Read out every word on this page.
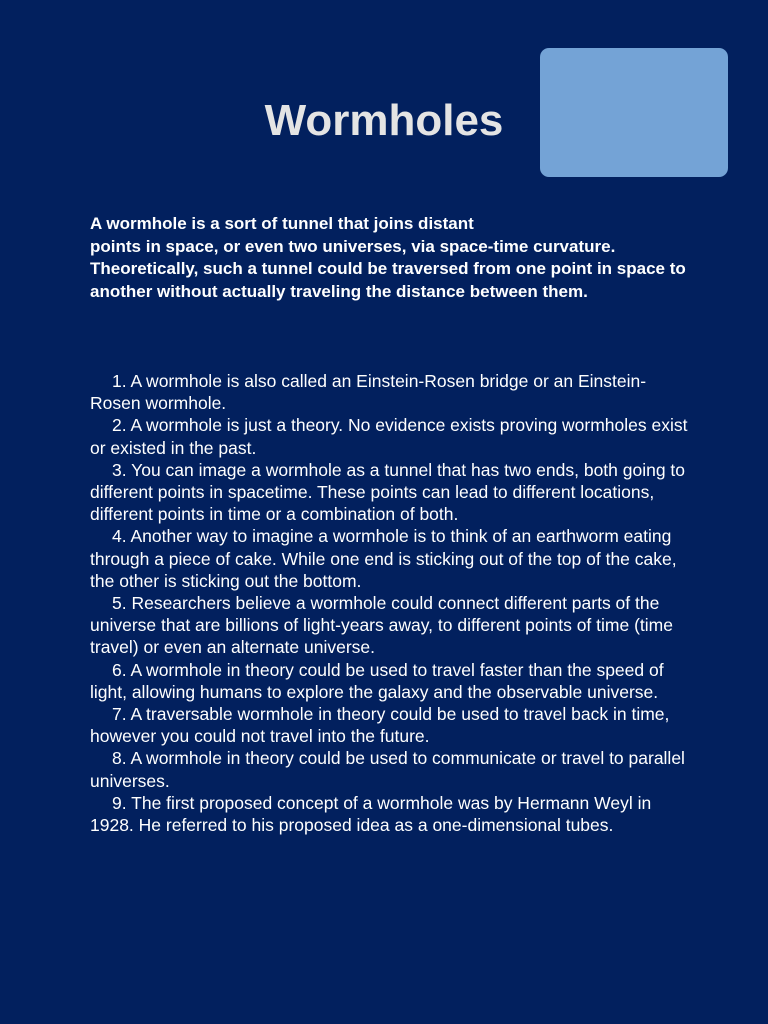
Wormholes

A wormhole is a sort of tunnel that joins distant
points in space, or even two universes, via space-time curvature. Theoretically, such a tunnel could be traversed from one point in space to another without actually traveling the distance between them.

1. A wormhole is also called an Einstein-Rosen bridge or an Einstein-Rosen wormhole.
2. A wormhole is just a theory. No evidence exists proving wormholes exist or existed in the past.
3. You can image a wormhole as a tunnel that has two ends, both going to different points in spacetime. These points can lead to different locations, different points in time or a combination of both.
4. Another way to imagine a wormhole is to think of an earthworm eating through a piece of cake. While one end is sticking out of the top of the cake, the other is sticking out the bottom.
5. Researchers believe a wormhole could connect different parts of the universe that are billions of light-years away, to different points of time (time travel) or even an alternate universe.
6. A wormhole in theory could be used to travel faster than the speed of light, allowing humans to explore the galaxy and the observable universe.
7. A traversable wormhole in theory could be used to travel back in time, however you could not travel into the future.
8. A wormhole in theory could be used to communicate or travel to parallel universes.
9. The first proposed concept of a wormhole was by Hermann Weyl in 1928. He referred to his proposed idea as a one-dimensional tubes.
